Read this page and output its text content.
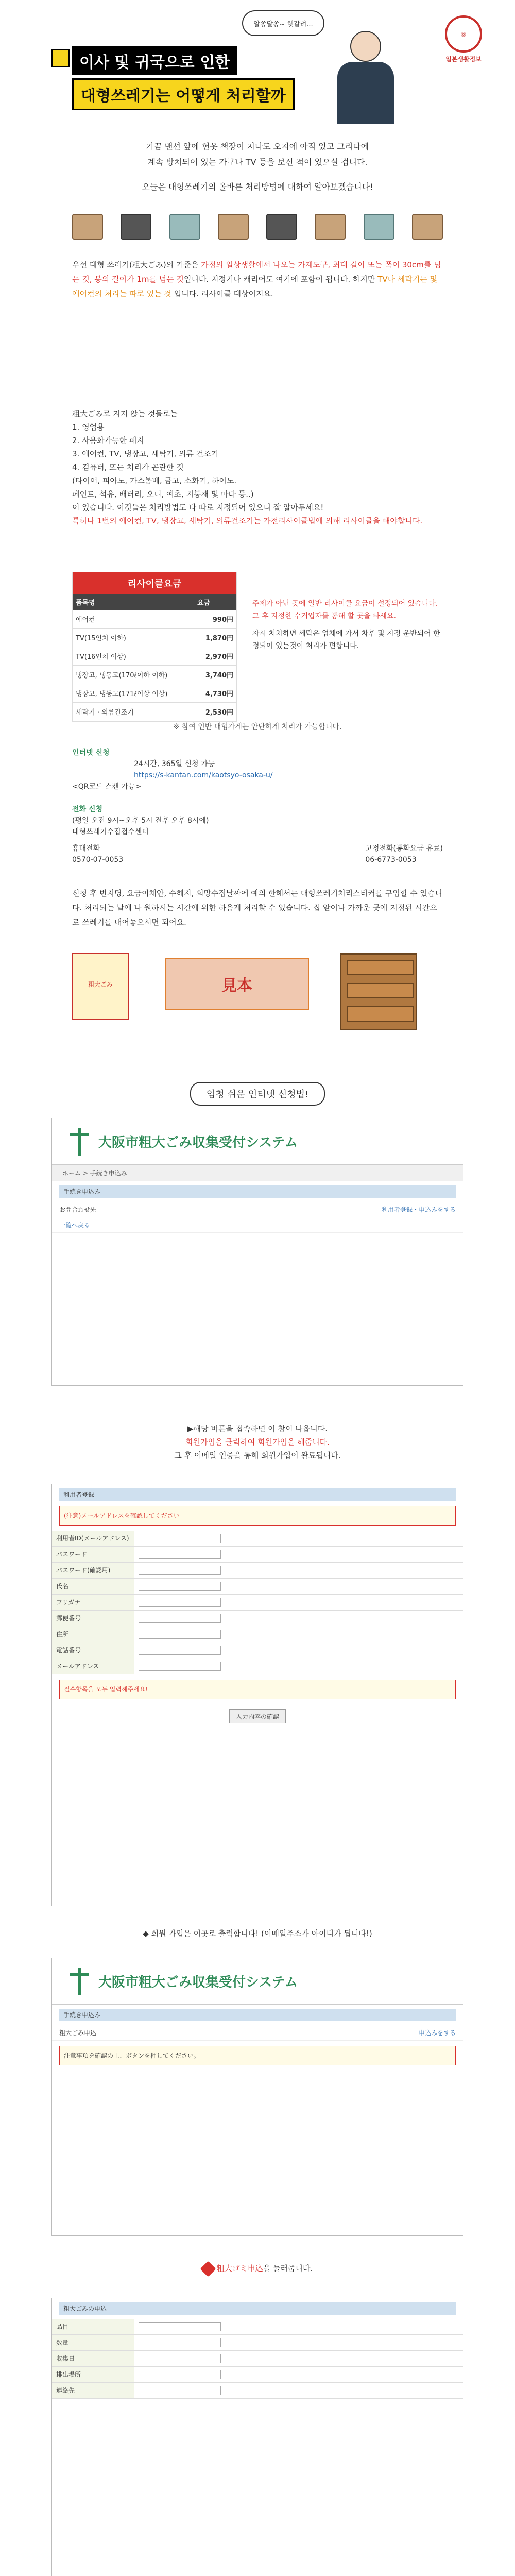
알쏭달쏭~ 헷갈려...
이사 및 귀국으로 인한
대형쓰레기는 어떻게 처리할까
◎
일본생활정보
가끔 맨션 앞에 헌옷 책장이 지나도 오지에 아직 있고 그리다에
계속 방치되어 있는 가구나 TV 등을 보신 적이 있으실 겁니다.
오늘은 대형쓰레기의 올바른 처리방법에 대하여 알아보겠습니다!
우선 대형 쓰레기(粗大ごみ)의 기준은 가정의 일상생활에서 나오는 가재도구, 최대 길이 또는 폭이 30cm를 넘는 것, 봉의 길이가 1m를 넘는 것입니다. 지정기나 캐리어도 여기에 포함이 됩니다. 하지만 TV나 세탁기는 및 에어컨의 처리는 따로 있는 것 입니다. 리사이클 대상이지요.
粗大ごみ로 지지 않는 것들로는
1. 영업용
2. 사용화가능한 폐지
3. 에어컨, TV, 냉장고, 세탁기, 의류 건조기
4. 컴퓨터, 또는 처리가 곤란한 것
(타이어, 피아노, 가스봄베, 금고, 소화기, 하이노.
페인트, 석유, 배터리, 오니, 예초, 지붕재 및 마다 등..)
이 있습니다. 이것들은 처리방법도 다 따로 지정되어 있으니 잘 알아두세요!
특히나 1번의 에어컨, TV, 냉장고, 세탁기, 의류건조기는 가전리사이클법에 의해 리사이클을 해야합니다.
리사이클요금
품목명	요금
에어컨	990円
TV(15인치 이하)	1,870円
TV(16인치 이상)	2,970円
냉장고, 냉동고(170ℓ이하 이하)	3,740円
냉장고, 냉동고(171ℓ이상 이상)	4,730円
세탁기 · 의류건조기	2,530円
주제가 아닌 곳에 일반 리사이클 요금이 설정되어 있습니다. 그 후 지정한 수거업자를 통해 할 곳을 하세요.
자시 처치하면 세탁은 업체에 가서 차후 및 지정 운반되어 한정되어 있는것이 처리가 편합니다.
※ 참여 인반 대형가게는 안단하게 처리가 가능합니다.
인터넷 신청
24시간, 365일 신청 가능
https://s-kantan.com/kaotsyo-osaka-u/
<QR코드 스캔 가능>
전화 신청
(평일 오전 9시~오후 5시 전후 오후 8시에)
대형쓰레기수집접수센터
휴대전화
0570-07-0053
고정전화(통화요금 유료)
06-6773-0053
신청 후 번지명, 요금이체안, 수해지, 희망수집날짜에 예의 한해서는 대형쓰레기처리스티커를 구입할 수 있습니다. 처리되는 날에 나 원하시는 시간에 위한 하용게 처리할 수 있습니다. 집 앞이나 가까운 곳에 지정된 시간으로 쓰레기를 내어놓으시면 되어요.
粗大ごみ	見本
엄청 쉬운 인터넷 신청법!
大阪市粗大ごみ収集受付システム
ホーム > 手続き申込み
手続き申込み
お問合わせ先	利用者登録・申込みをする
一覧へ戻る
▶해당 버튼을 접속하면 이 창이 나옵니다.
회원가입을 클릭하여 회원가입을 해줍니다.
그 후 이메일 인증을 통해 회원가입이 완료됩니다.
利用者登録
(注意)メールアドレスを確認してください
利用者ID(メールアドレス)
パスワード
パスワード(確認用)
氏名
フリガナ
郵便番号
住所
電話番号
メールアドレス
필수항목을 모두 입력해주세요!
入力内容の確認
◆ 회원 가입은 이곳로 출력합니다! (이메일주소가 아이디가 됩니다!)
大阪市粗大ごみ収集受付システム
手続き申込み
粗大ごみ申込	申込みをする
注意事項を確認の上、ボタンを押してください。
粗大ゴミ申込을 눌러줍니다.
粗大ごみの申込
品目
数量
収集日
排出場所
連絡先
